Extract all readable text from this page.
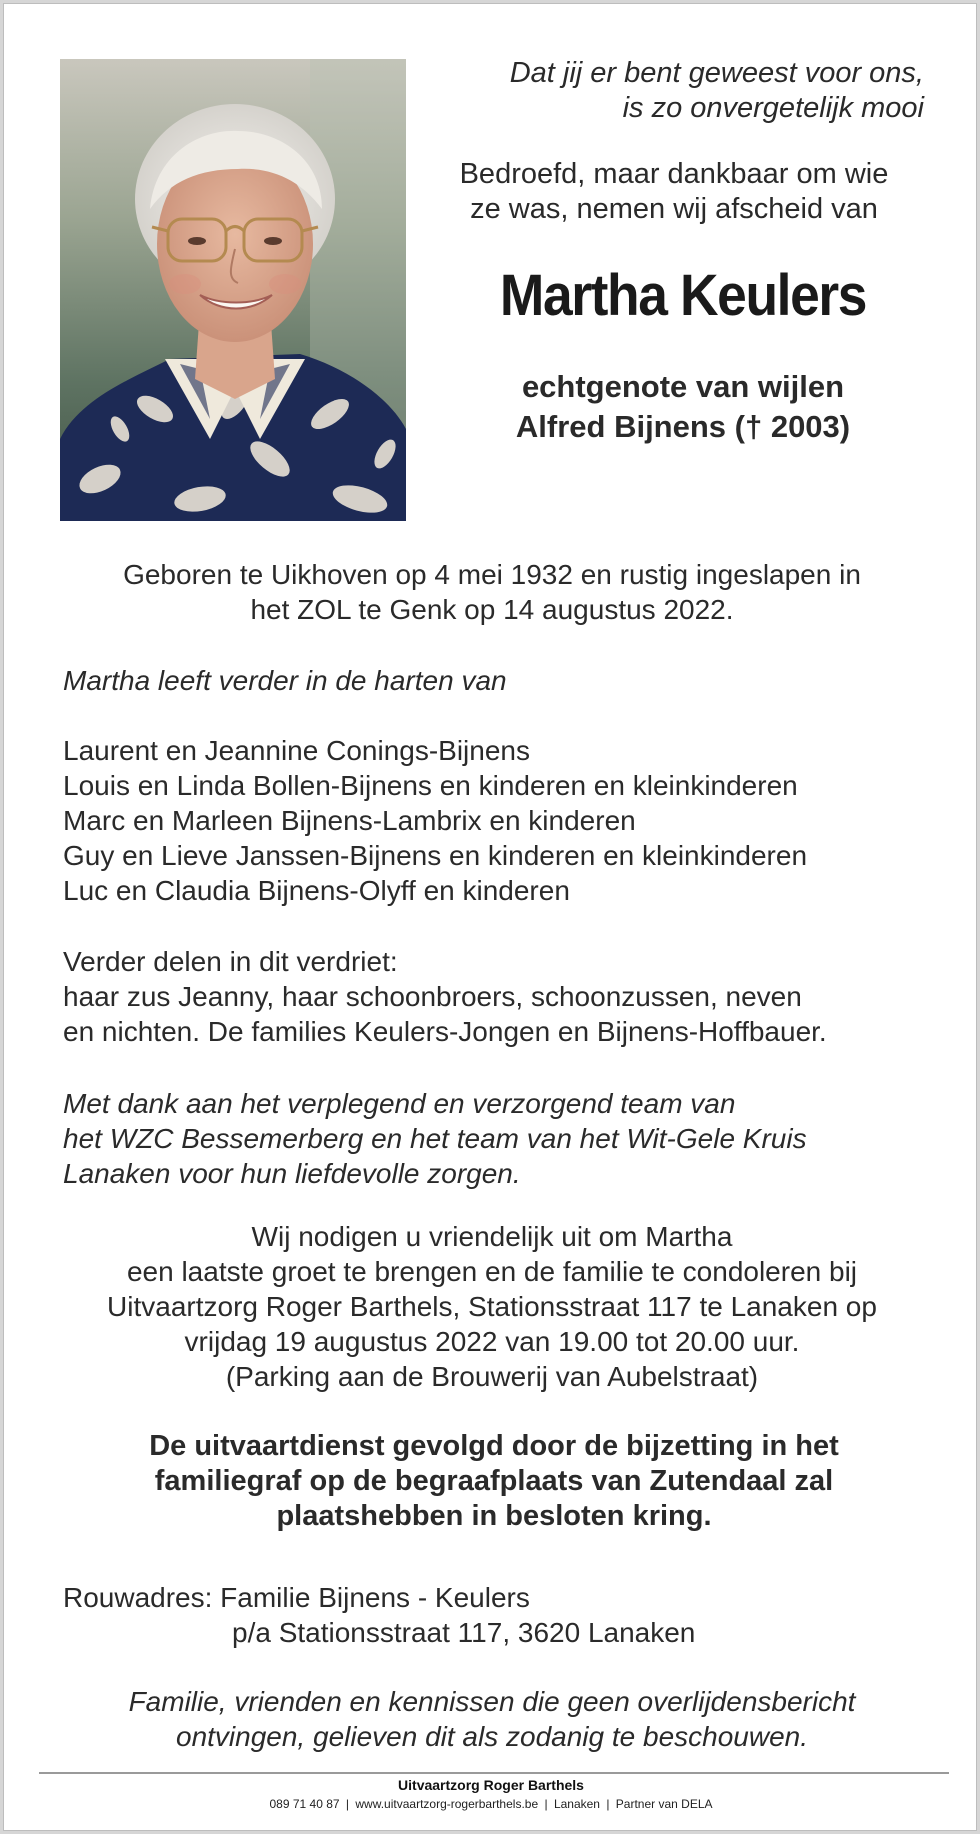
Dat jij er bent geweest voor ons,
is zo onvergetelijk mooi
Bedroefd, maar dankbaar om wie
ze was, nemen wij afscheid van
Martha Keulers
echtgenote van wijlen
Alfred Bijnens († 2003)
Geboren te Uikhoven op 4 mei 1932 en rustig ingeslapen in
het ZOL te Genk op 14 augustus 2022.
Martha leeft verder in de harten van
Laurent en Jeannine Conings-Bijnens
Louis en Linda Bollen-Bijnens en kinderen en kleinkinderen
Marc en Marleen Bijnens-Lambrix en kinderen
Guy en Lieve Janssen-Bijnens en kinderen en kleinkinderen
Luc en Claudia Bijnens-Olyff en kinderen
Verder delen in dit verdriet:
haar zus Jeanny, haar schoonbroers, schoonzussen, neven
en nichten. De families Keulers-Jongen en Bijnens-Hoffbauer.
Met dank aan het verplegend en verzorgend team van
het WZC Bessemerberg en het team van het Wit-Gele Kruis
Lanaken voor hun liefdevolle zorgen.
Wij nodigen u vriendelijk uit om Martha
een laatste groet te brengen en de familie te condoleren bij
Uitvaartzorg Roger Barthels, Stationsstraat 117 te Lanaken op
vrijdag 19 augustus 2022 van 19.00 tot 20.00 uur.
(Parking aan de Brouwerij van Aubelstraat)
De uitvaartdienst gevolgd door de bijzetting in het
familiegraf op de begraafplaats van Zutendaal zal
plaatshebben in besloten kring.
Rouwadres: Familie Bijnens - Keulers
p/a Stationsstraat 117, 3620 Lanaken
Familie, vrienden en kennissen die geen overlijdensbericht
ontvingen, gelieven dit als zodanig te beschouwen.
Uitvaartzorg Roger Barthels
089 71 40 87 | www.uitvaartzorg-rogerbarthels.be | Lanaken | Partner van DELA
